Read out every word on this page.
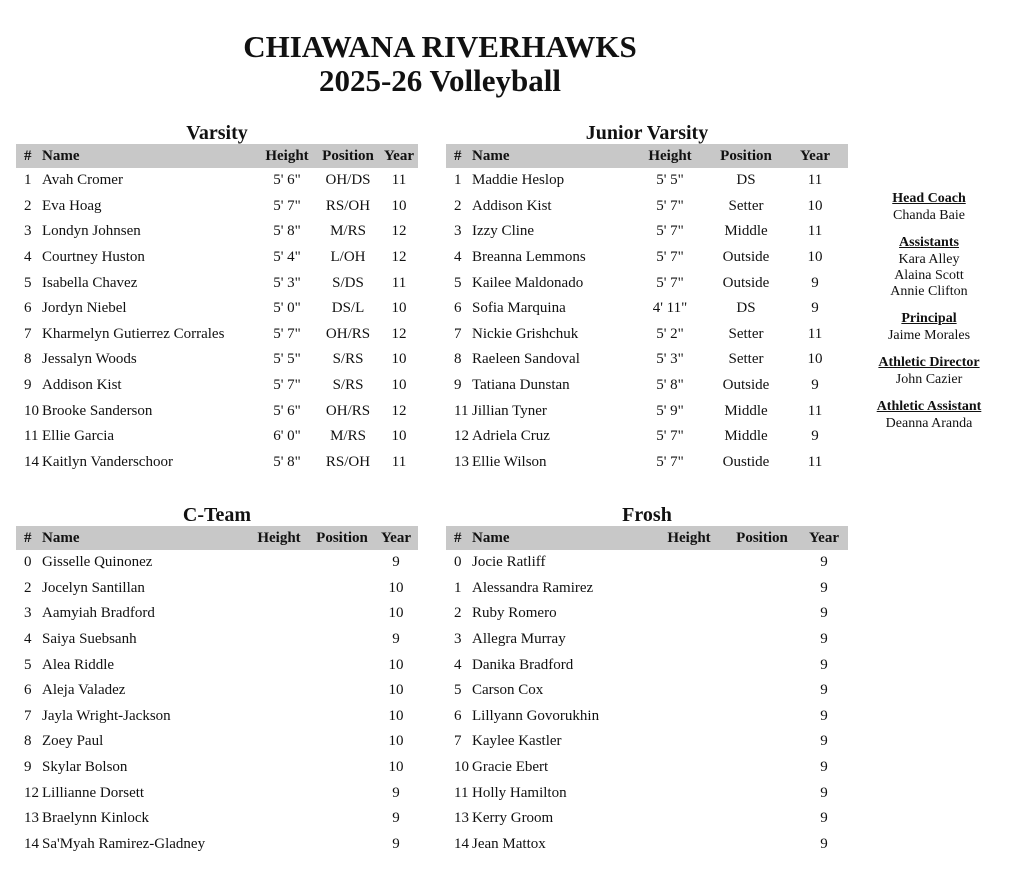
CHIAWANA RIVERHAWKS
2025-26 Volleyball
Varsity
#	Name	Height	Position	Year
1	Avah Cromer	5' 6"	OH/DS	11
2	Eva Hoag	5' 7"	RS/OH	10
3	Londyn Johnsen	5' 8"	M/RS	12
4	Courtney Huston	5' 4"	L/OH	12
5	Isabella Chavez	5' 3"	S/DS	11
6	Jordyn Niebel	5' 0"	DS/L	10
7	Kharmelyn Gutierrez Corrales	5' 7"	OH/RS	12
8	Jessalyn Woods	5' 5"	S/RS	10
9	Addison Kist	5' 7"	S/RS	10
10	Brooke Sanderson	5' 6"	OH/RS	12
11	Ellie Garcia	6' 0"	M/RS	10
14	Kaitlyn Vanderschoor	5' 8"	RS/OH	11
Junior Varsity
#	Name	Height	Position	Year
1	Maddie Heslop	5' 5"	DS	11
2	Addison Kist	5' 7"	Setter	10
3	Izzy Cline	5' 7"	Middle	11
4	Breanna Lemmons	5' 7"	Outside	10
5	Kailee Maldonado	5' 7"	Outside	9
6	Sofia Marquina	4' 11"	DS	9
7	Nickie Grishchuk	5' 2"	Setter	11
8	Raeleen Sandoval	5' 3"	Setter	10
9	Tatiana Dunstan	5' 8"	Outside	9
11	Jillian Tyner	5' 9"	Middle	11
12	Adriela Cruz	5' 7"	Middle	9
13	Ellie Wilson	5' 7"	Oustide	11
C-Team
#	Name	Height	Position	Year
0	Gisselle Quinonez			9
2	Jocelyn Santillan			10
3	Aamyiah Bradford			10
4	Saiya Suebsanh			9
5	Alea Riddle			10
6	Aleja Valadez			10
7	Jayla Wright-Jackson			10
8	Zoey Paul			10
9	Skylar Bolson			10
12	Lillianne Dorsett			9
13	Braelynn Kinlock			9
14	Sa'Myah Ramirez-Gladney			9
Frosh
#	Name	Height	Position	Year
0	Jocie Ratliff			9
1	Alessandra Ramirez			9
2	Ruby Romero			9
3	Allegra Murray			9
4	Danika Bradford			9
5	Carson Cox			9
6	Lillyann Govorukhin			9
7	Kaylee Kastler			9
10	Gracie Ebert			9
11	Holly Hamilton			9
13	Kerry Groom			9
14	Jean Mattox			9
Head Coach
Chanda Baie
Assistants
Kara Alley
Alaina Scott
Annie Clifton
Principal
Jaime Morales
Athletic Director
John Cazier
Athletic Assistant
Deanna Aranda
